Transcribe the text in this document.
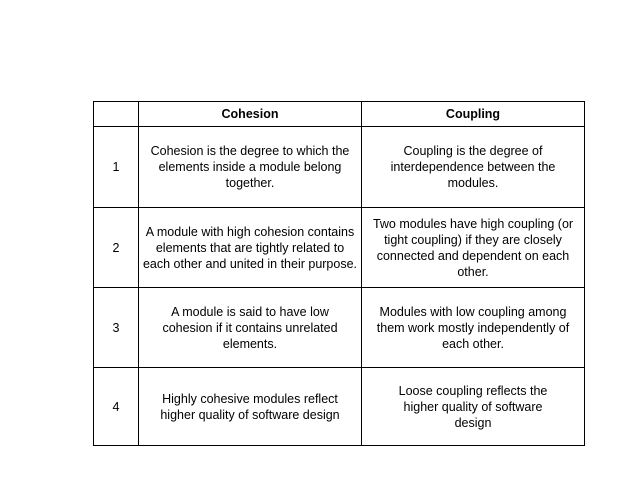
	Cohesion	Coupling
1	Cohesion is the degree to which the elements inside a module belong together.	Coupling is the degree of interdependence between the modules.

2	A module with high cohesion contains elements that are tightly related to each other and united in their purpose.	Two modules have high coupling (or tight coupling) if they are closely connected and dependent on each other.

3	A module is said to have low cohesion if it contains unrelated elements.	Modules with low coupling among them work mostly independently of each other.

4	Highly cohesive modules reflect higher quality of software design	Loose coupling reflects the higher quality of software design
